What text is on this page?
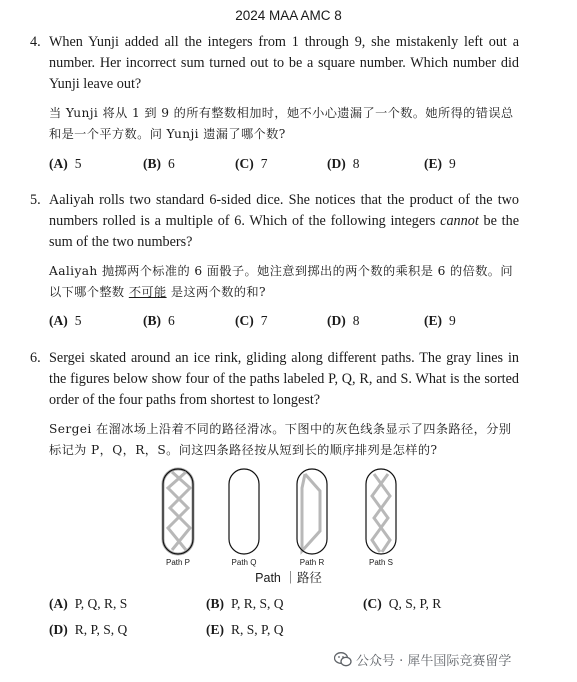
2024 MAA AMC 8
4. When Yunji added all the integers from 1 through 9, she mistakenly left out a number. Her incorrect sum turned out to be a square number. Which number did Yunji leave out?

当 Yunji 将从 1 到 9 的所有整数相加时，她不小心遗漏了一个数。她所得的错误总和是一个平方数。问 Yunji 遗漏了哪个数?

(A) 5	(B) 6	(C) 7	(D) 8	(E) 9
5. Aaliyah rolls two standard 6-sided dice. She notices that the product of the two numbers rolled is a multiple of 6. Which of the following integers cannot be the sum of the two numbers?

Aaliyah 抛掷两个标准的 6 面骰子。她注意到掷出的两个数的乘积是 6 的倍数。问以下哪个整数 不可能 是这两个数的和?

(A) 5	(B) 6	(C) 7	(D) 8	(E) 9
6. Sergei skated around an ice rink, gliding along different paths. The gray lines in the figures below show four of the paths labeled P, Q, R, and S. What is the sorted order of the four paths from shortest to longest?

Sergei 在溜冰场上沿着不同的路径滑冰。下图中的灰色线条显示了四条路径，分别标记为 P，Q，R，S。问这四条路径按从短到长的顺序排列是怎样的?

Path P	Path Q	Path R	Path S
Path ｜路径
(A) P, Q, R, S	(B) P, R, S, Q	(C) Q, S, P, R
(D) R, P, S, Q	(E) R, S, P, Q
公众号 · 犀牛国际竞赛留学
